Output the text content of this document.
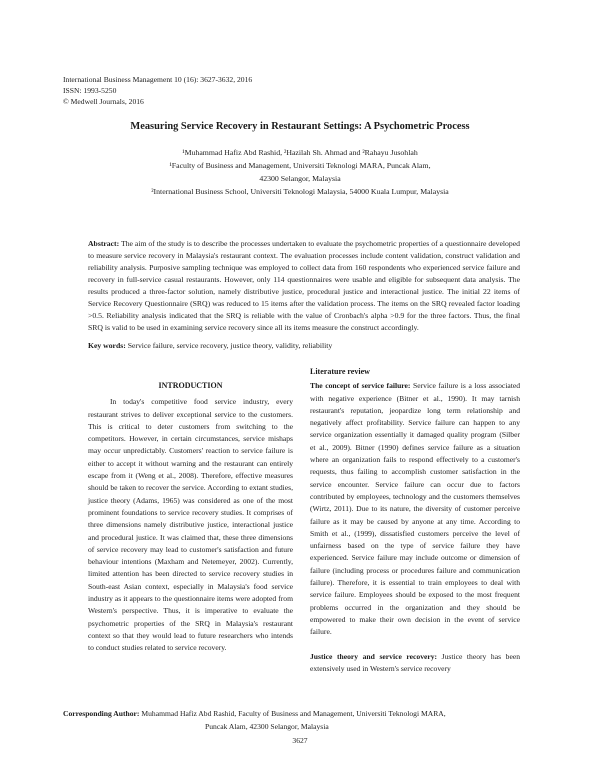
International Business Management 10 (16): 3627-3632, 2016
ISSN: 1993-5250
© Medwell Journals, 2016
Measuring Service Recovery in Restaurant Settings: A Psychometric Process
¹Muhammad Hafiz Abd Rashid, ²Hazilah Sh. Ahmad and ²Rahayu Jusohlah
¹Faculty of Business and Management, Universiti Teknologi MARA, Puncak Alam,
42300 Selangor, Malaysia
²International Business School, Universiti Teknologi Malaysia, 54000 Kuala Lumpur, Malaysia
Abstract: The aim of the study is to describe the processes undertaken to evaluate the psychometric properties of a questionnaire developed to measure service recovery in Malaysia's restaurant context. The evaluation processes include content validation, construct validation and reliability analysis. Purposive sampling technique was employed to collect data from 160 respondents who experienced service failure and recovery in full-service casual restaurants. However, only 114 questionnaires were usable and eligible for subsequent data analysis. The results produced a three-factor solution, namely distributive justice, procedural justice and interactional justice. The initial 22 items of Service Recovery Questionnaire (SRQ) was reduced to 15 items after the validation process. The items on the SRQ revealed factor loading >0.5. Reliability analysis indicated that the SRQ is reliable with the value of Cronbach's alpha >0.9 for the three factors. Thus, the final SRQ is valid to be used in examining service recovery since all its items measure the construct accordingly.
Key words: Service failure, service recovery, justice theory, validity, reliability
INTRODUCTION

In today's competitive food service industry, every restaurant strives to deliver exceptional service to the customers. This is critical to deter customers from switching to the competitors. However, in certain circumstances, service mishaps may occur unpredictably. Customers' reaction to service failure is either to accept it without warning and the restaurant can entirely escape from it (Weng et al., 2008). Therefore, effective measures should be taken to recover the service. According to extant studies, justice theory (Adams, 1965) was considered as one of the most prominent foundations to service recovery studies. It comprises of three dimensions namely distributive justice, interactional justice and procedural justice. It was claimed that, these three dimensions of service recovery may lead to customer's satisfaction and future behaviour intentions (Maxham and Netemeyer, 2002). Currently, limited attention has been directed to service recovery studies in South-east Asian context, especially in Malaysia's food service industry as it appears to the questionnaire items were adopted from Western's perspective. Thus, it is imperative to evaluate the psychometric properties of the SRQ in Malaysia's restaurant context so that they would lead to future researchers who intends to conduct studies related to service recovery.

Literature review

The concept of service failure: Service failure is a loss associated with negative experience (Bitner et al., 1990). It may tarnish restaurant's reputation, jeopardize long term relationship and negatively affect profitability. Service failure can happen to any service organization essentially it damaged quality program (Silber et al., 2009). Bitner (1990) defines service failure as a situation where an organization fails to respond effectively to a customer's requests, thus failing to accomplish customer satisfaction in the service encounter. Service failure can occur due to factors contributed by employees, technology and the customers themselves (Wirtz, 2011). Due to its nature, the diversity of customer perceive failure as it may be caused by anyone at any time. According to Smith et al., (1999), dissatisfied customers perceive the level of unfairness based on the type of service failure they have experienced. Service failure may include outcome or dimension of failure (including process or procedures failure and communication failure). Therefore, it is essential to train employees to deal with service failure. Employees should be exposed to the most frequent problems occurred in the organization and they should be empowered to make their own decision in the event of service failure.

Justice theory and service recovery: Justice theory has been extensively used in Western's service recovery

Corresponding Author: Muhammad Hafiz Abd Rashid, Faculty of Business and Management, Universiti Teknologi MARA,
Puncak Alam, 42300 Selangor, Malaysia
3627
